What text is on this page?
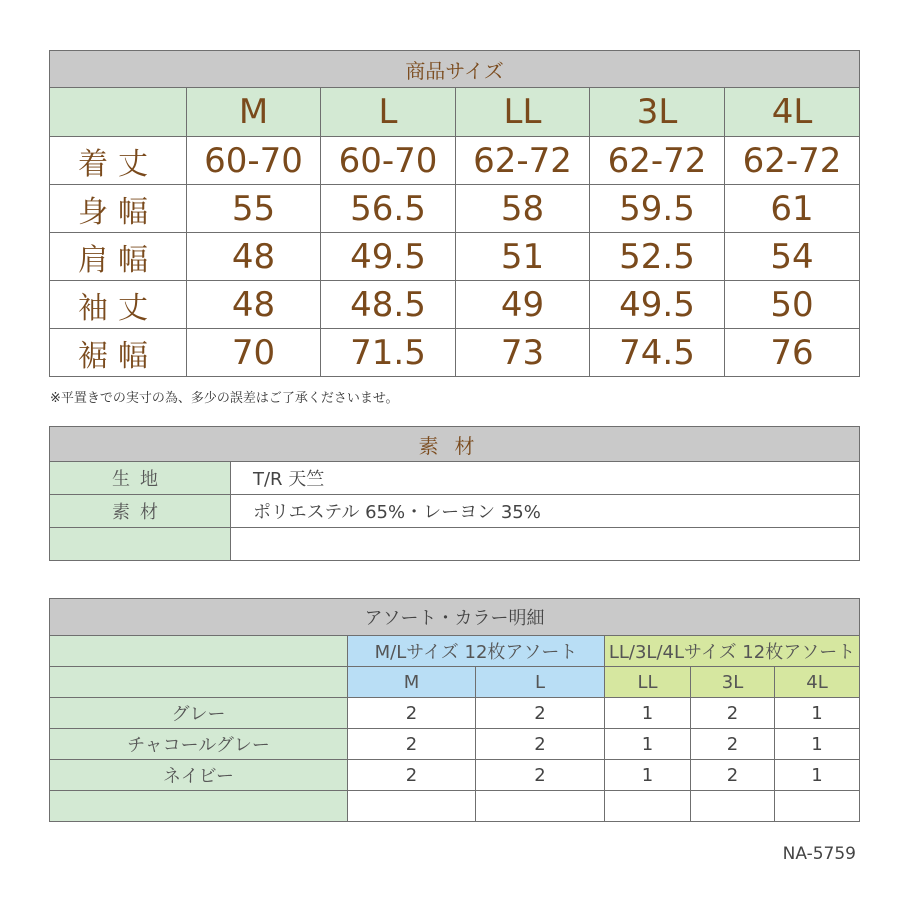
商品サイズ					
	M	L	LL	3L	4L
着丈	60-70	60-70	62-72	62-72	62-72
身幅	55	56.5	58	59.5	61
肩幅	48	49.5	51	52.5	54
袖丈	48	48.5	49	49.5	50
裾幅	70	71.5	73	74.5	76
※平置きでの実寸の為、多少の誤差はご了承くださいませ。
素材	
生地	T/R 天竺
素材	ポリエステル 65%・レーヨン 35%

アソート・カラー明細					
	M/Lサイズ 12枚アソート		LL/3L/4Lサイズ 12枚アソート		
	M	L	LL	3L	4L
グレー	2	2	1	2	1
チャコールグレー	2	2	1	2	1
ネイビー	2	2	1	2	1

NA-5759
